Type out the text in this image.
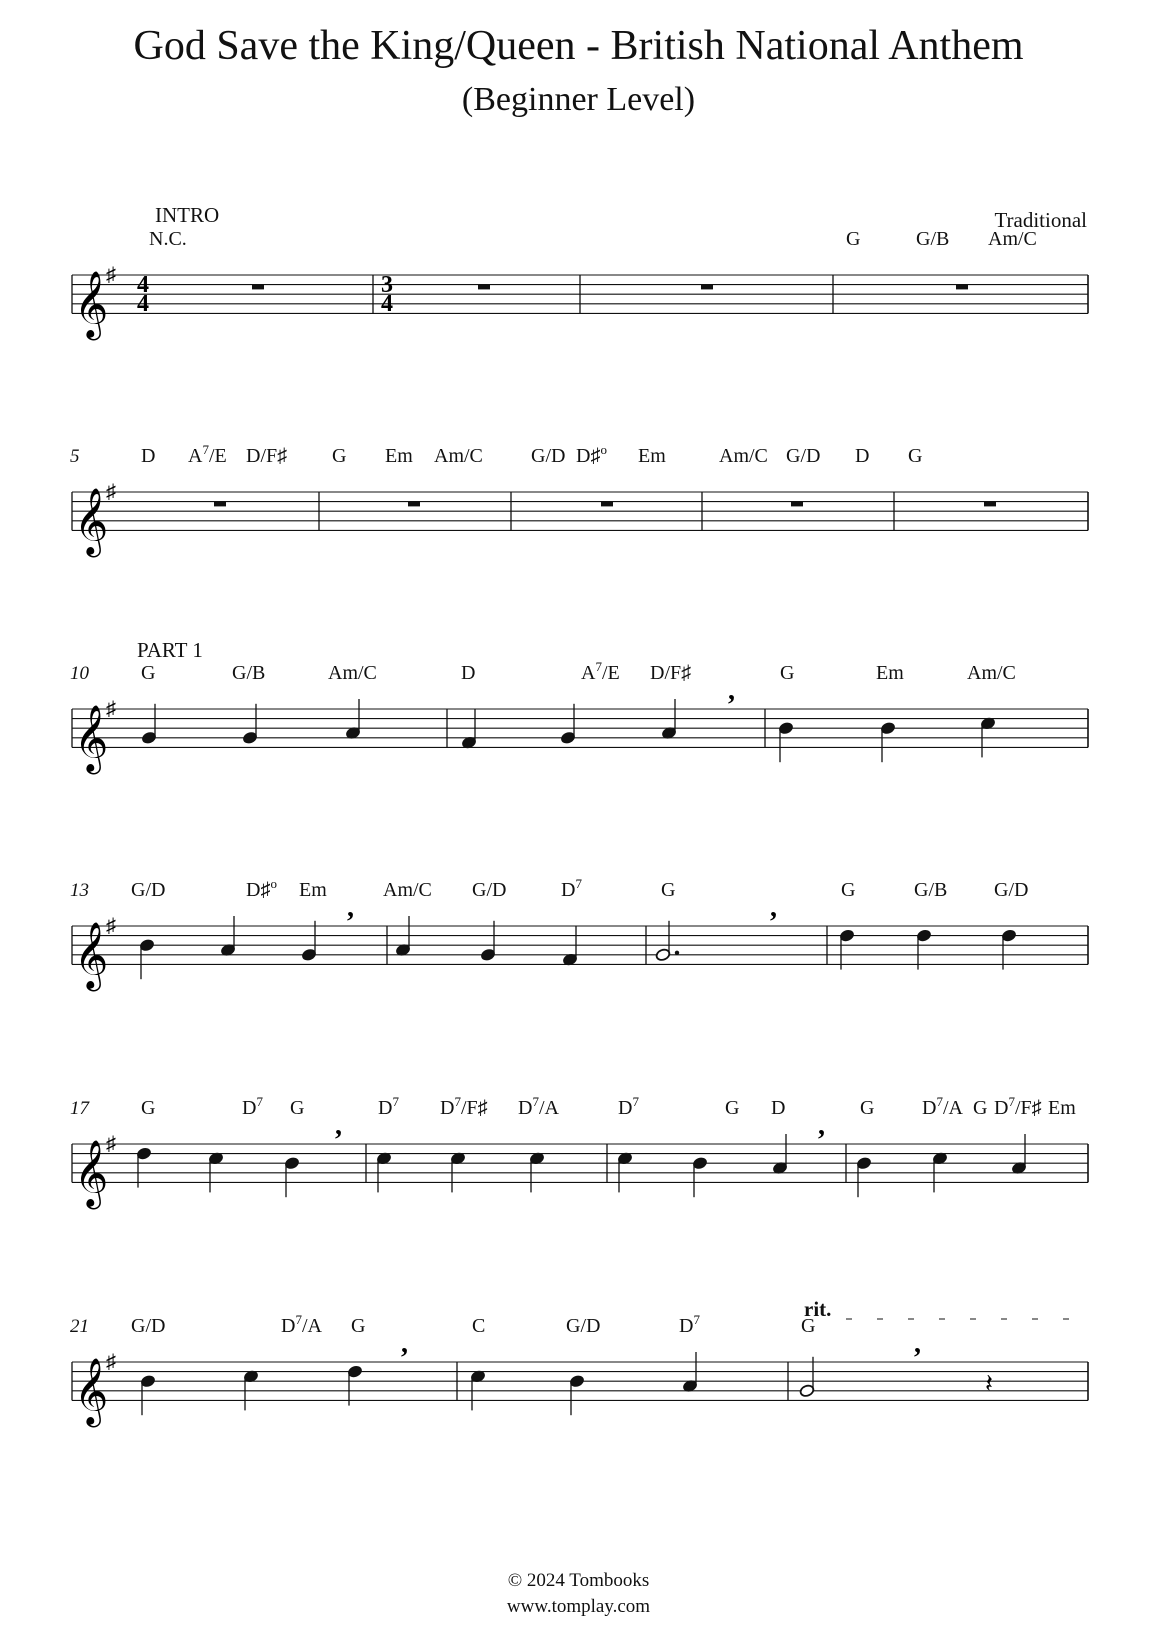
God Save the King/Queen - British National Anthem
(Beginner Level)
Traditional
𝄞
♯ 4
4
3
4
INTRO
N.C.	G	G/B Am/C
𝄞
♯
5	D $A^7/E$ D/F♯ G Em Am/C G/D D♯$^o$ Em	Am/C G/D D G
𝄞
♯
10
PART 1
G	G/B	Am/C	D	$A^7/E$ D/F♯	G	Em	Am/C
,
𝄞
♯
13 G/D	D♯$^o$ Em	Am/C G/D	$D^7$	G	G	G/B G/D
,	,
𝄞
♯
17	G	$D^7$ G	$D^7$ $D^7/F♯$ $D^7/A$	$D^7$	G D	G $D^7/A$ G $D^7/F♯$ Em
,	,
𝄞
♯
21
rit.
G/D	$D^7/A$ G	C	G/D	$D^7$	G
,	,
𝄽
© 2024 Tombooks
www.tomplay.com
